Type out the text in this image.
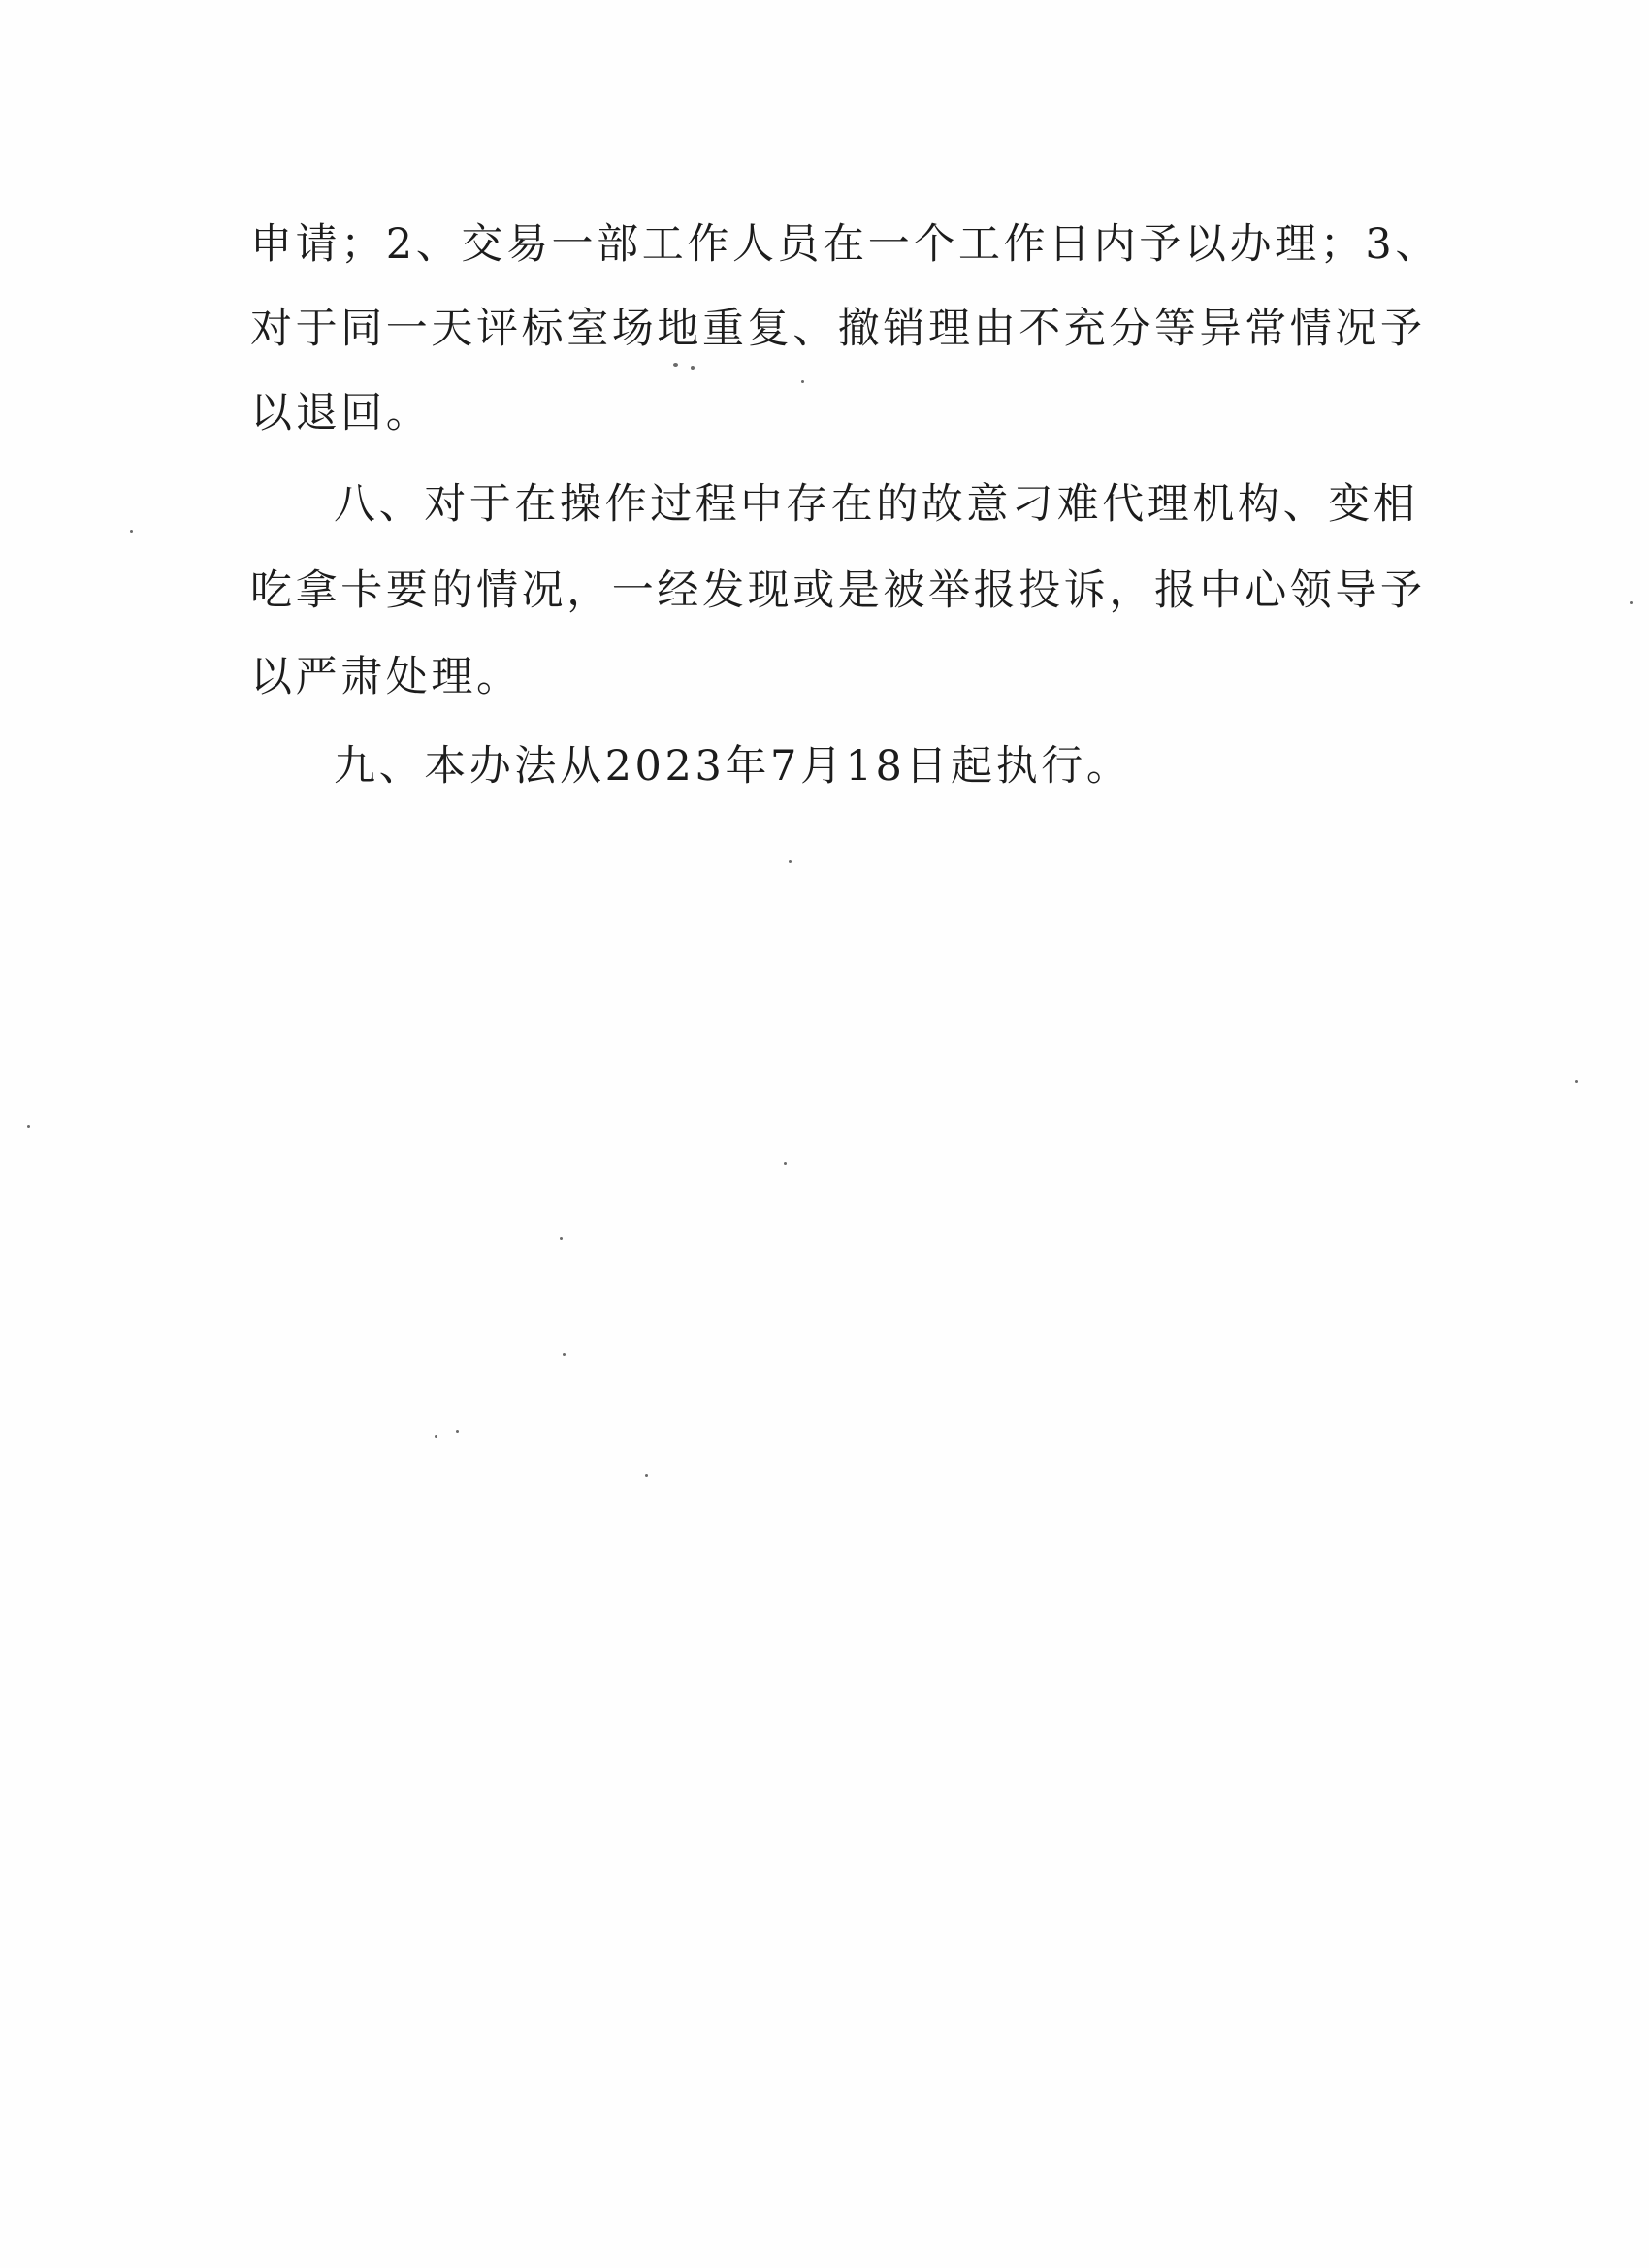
申请；2、交易一部工作人员在一个工作日内予以办理；3、
对于同一天评标室场地重复、撤销理由不充分等异常情况予
以退回。
八、对于在操作过程中存在的故意刁难代理机构、变相
吃拿卡要的情况，一经发现或是被举报投诉，报中心领导予
以严肃处理。
九、本办法从2023年7月18日起执行。
